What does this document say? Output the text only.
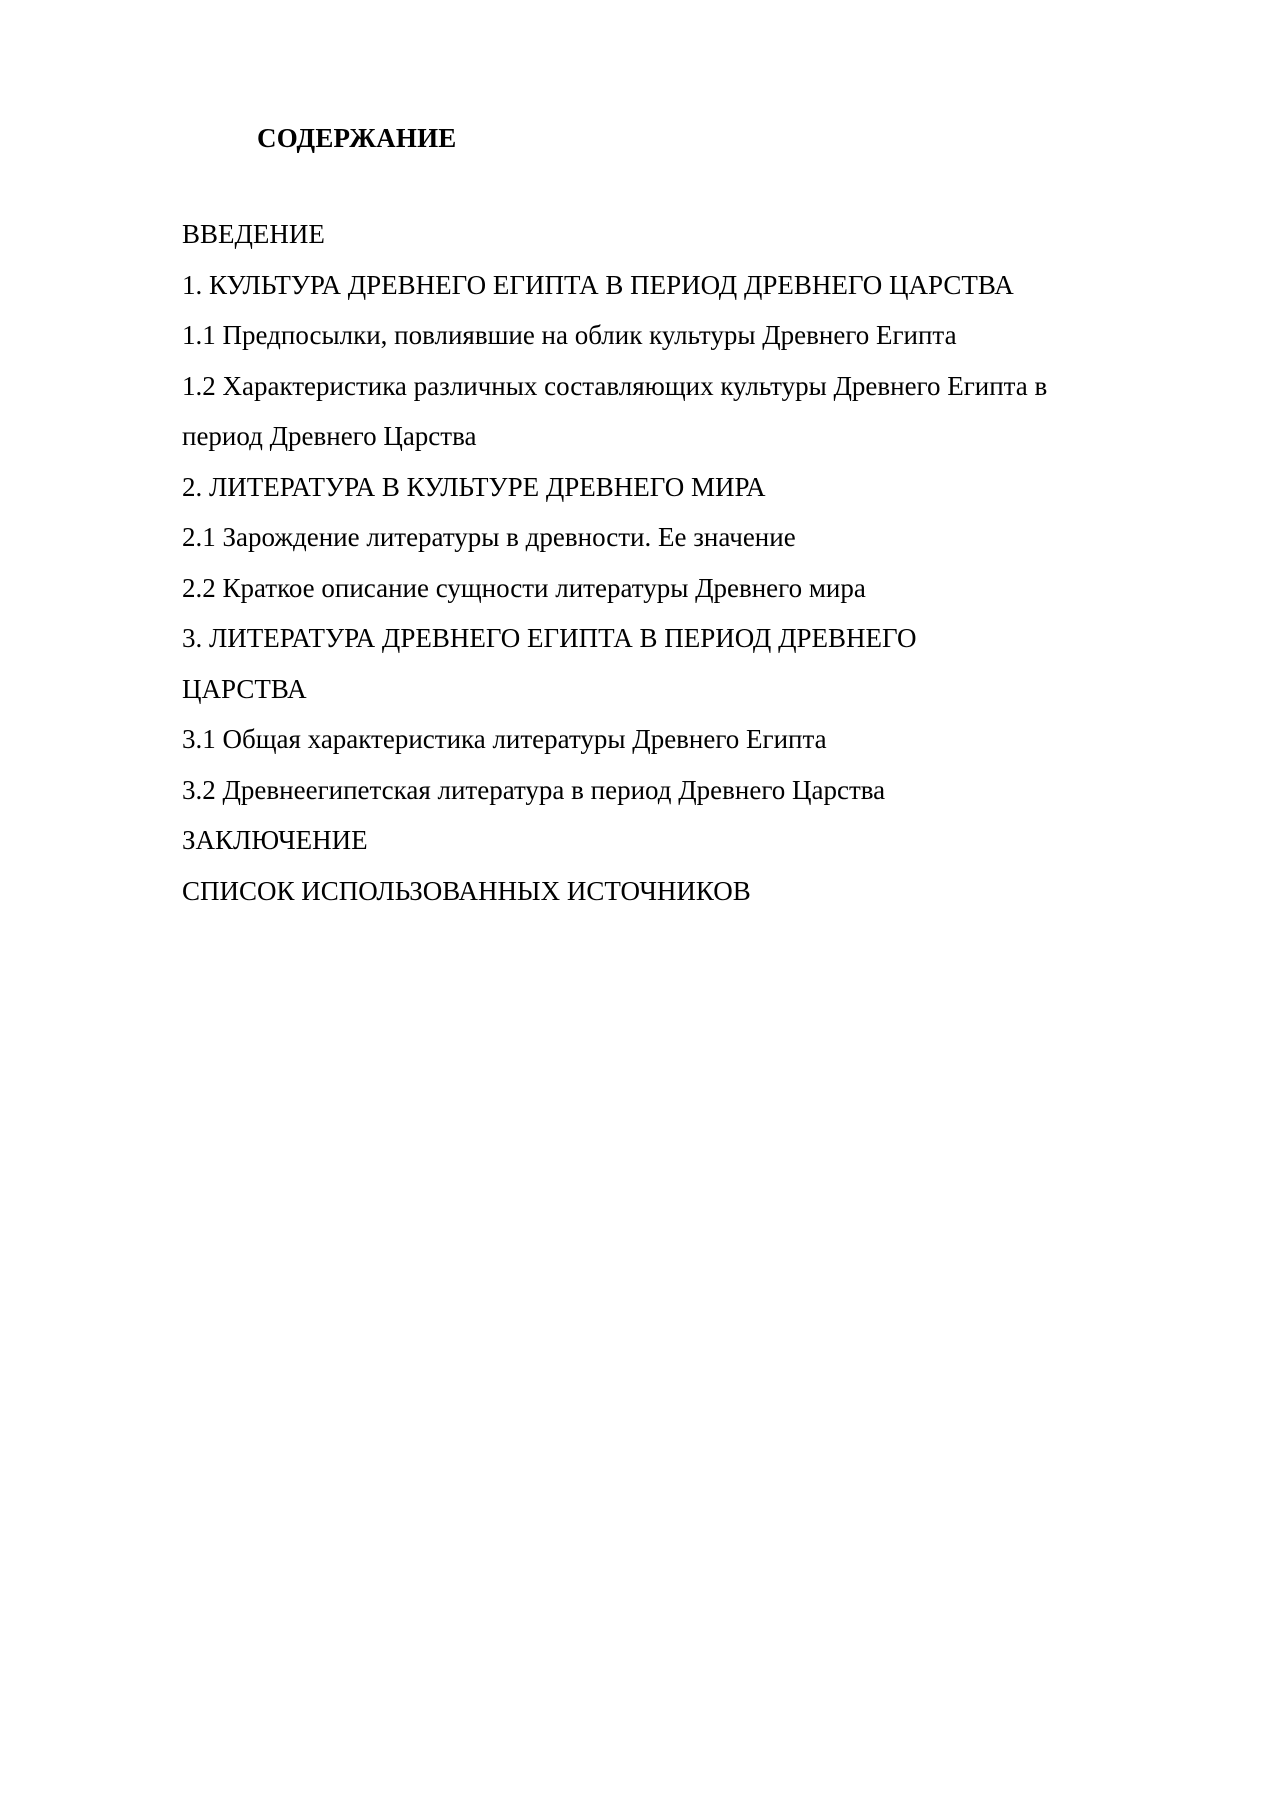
СОДЕРЖАНИЕ
ВВЕДЕНИЕ
1. КУЛЬТУРА ДРЕВНЕГО ЕГИПТА В ПЕРИОД ДРЕВНЕГО ЦАРСТВА
1.1 Предпосылки, повлиявшие на облик культуры Древнего Египта
1.2 Характеристика различных составляющих культуры Древнего Египта в
период Древнего Царства
2. ЛИТЕРАТУРА В КУЛЬТУРЕ ДРЕВНЕГО МИРА
2.1 Зарождение литературы в древности. Ее значение
2.2 Краткое описание сущности литературы Древнего мира
3. ЛИТЕРАТУРА ДРЕВНЕГО ЕГИПТА В ПЕРИОД ДРЕВНЕГО
ЦАРСТВА
3.1 Общая характеристика литературы Древнего Египта
3.2 Древнеегипетская литература в период Древнего Царства
ЗАКЛЮЧЕНИЕ
СПИСОК ИСПОЛЬЗОВАННЫХ ИСТОЧНИКОВ
